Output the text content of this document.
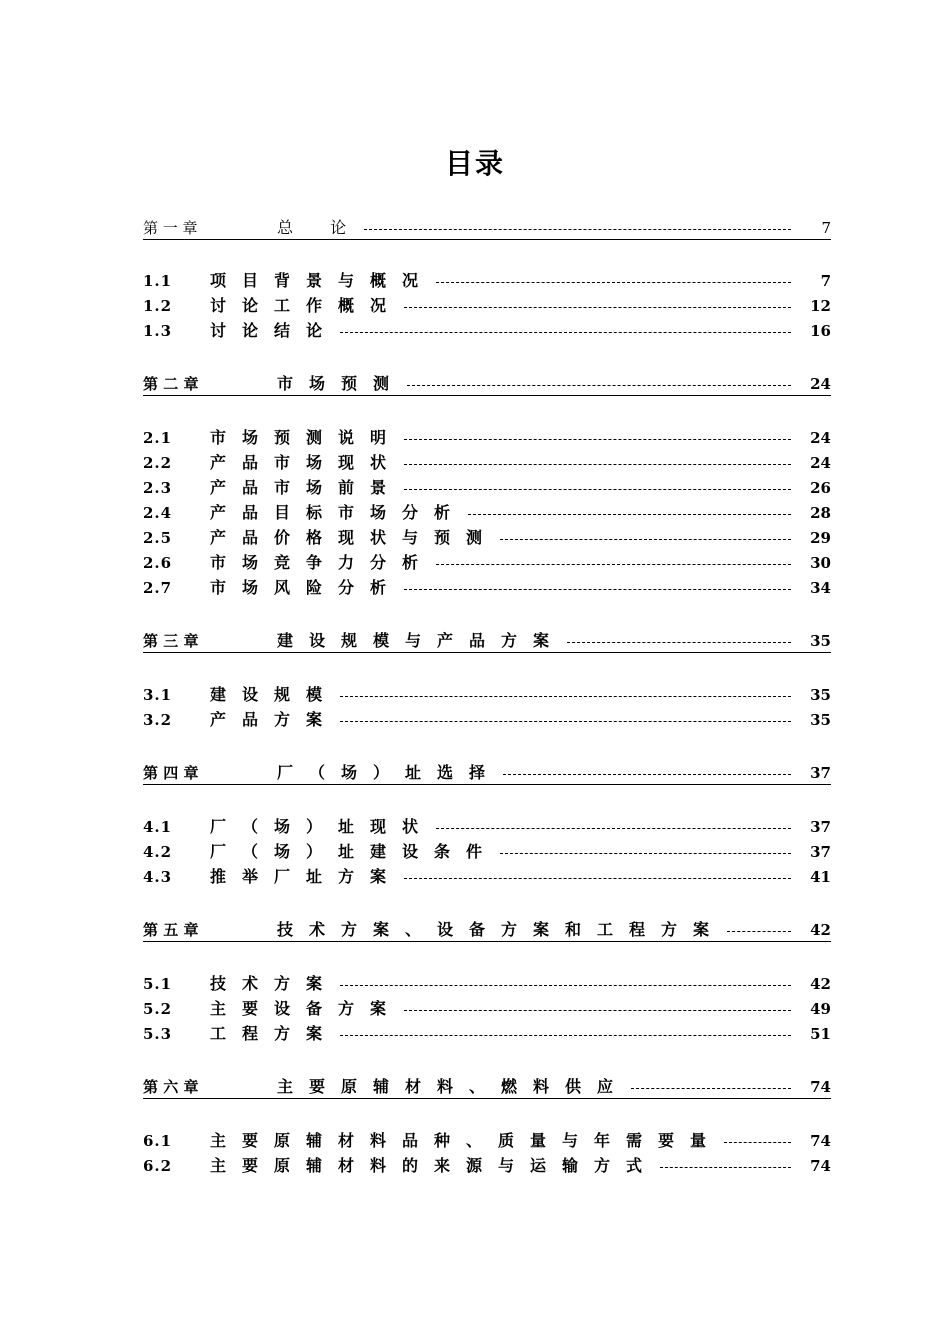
目录
第 一 章	总 论	7
1.1	项目背景与概况	7
1.2	讨论工作概况	12
1.3	讨论结论	16
第 二 章	市场预测	24
2.1	市场预测说明	24
2.2	产品市场现状	24
2.3	产品市场前景	26
2.4	产品目标市场分析	28
2.5	产品价格现状与预测	29
2.6	市场竞争力分析	30
2.7	市场风险分析	34
第 三 章	建设规模与产品方案	35
3.1	建设规模	35
3.2	产品方案	35
第 四 章	厂（场）址选择	37
4.1	厂（场）址现状	37
4.2	厂（场）址建设条件	37
4.3	推举厂址方案	41
第 五 章	技术方案、设备方案和工程方案	42
5.1	技术方案	42
5.2	主要设备方案	49
5.3	工程方案	51
第 六 章	主要原辅材料、燃料供应	74
6.1	主要原辅材料品种、质量与年需要量	74
6.2	主要原辅材料的来源与运输方式	74
